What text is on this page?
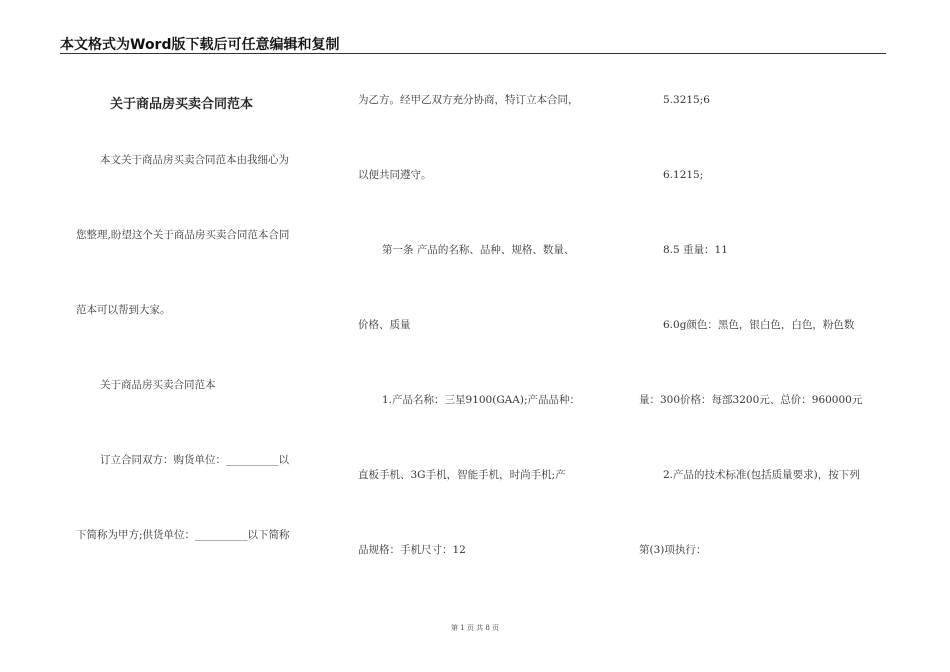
本文格式为Word版下载后可任意编辑和复制
关于商品房买卖合同范本
本文关于商品房买卖合同范本由我细心为
您整理,盼望这个关于商品房买卖合同范本合同
范本可以帮到大家。
关于商品房买卖合同范本
订立合同双方：购货单位：__________以
下简称为甲方;供货单位：__________以下简称
为乙方。经甲乙双方充分协商，特订立本合同，
以便共同遵守。
第一条 产品的名称、品种、规格、数量、
价格、质量
1.产品名称：三星9100(GAA);产品品种：
直板手机、3G手机，智能手机，时尚手机;产
品规格：手机尺寸：12
5.3215;6
6.1215;
8.5 重量：11
6.0g颜色：黑色，银白色，白色，粉色数
量：300价格：每部3200元、总价：960000元
2.产品的技术标准(包括质量要求)，按下列
第(3)项执行：
第 1 页 共 8 页
